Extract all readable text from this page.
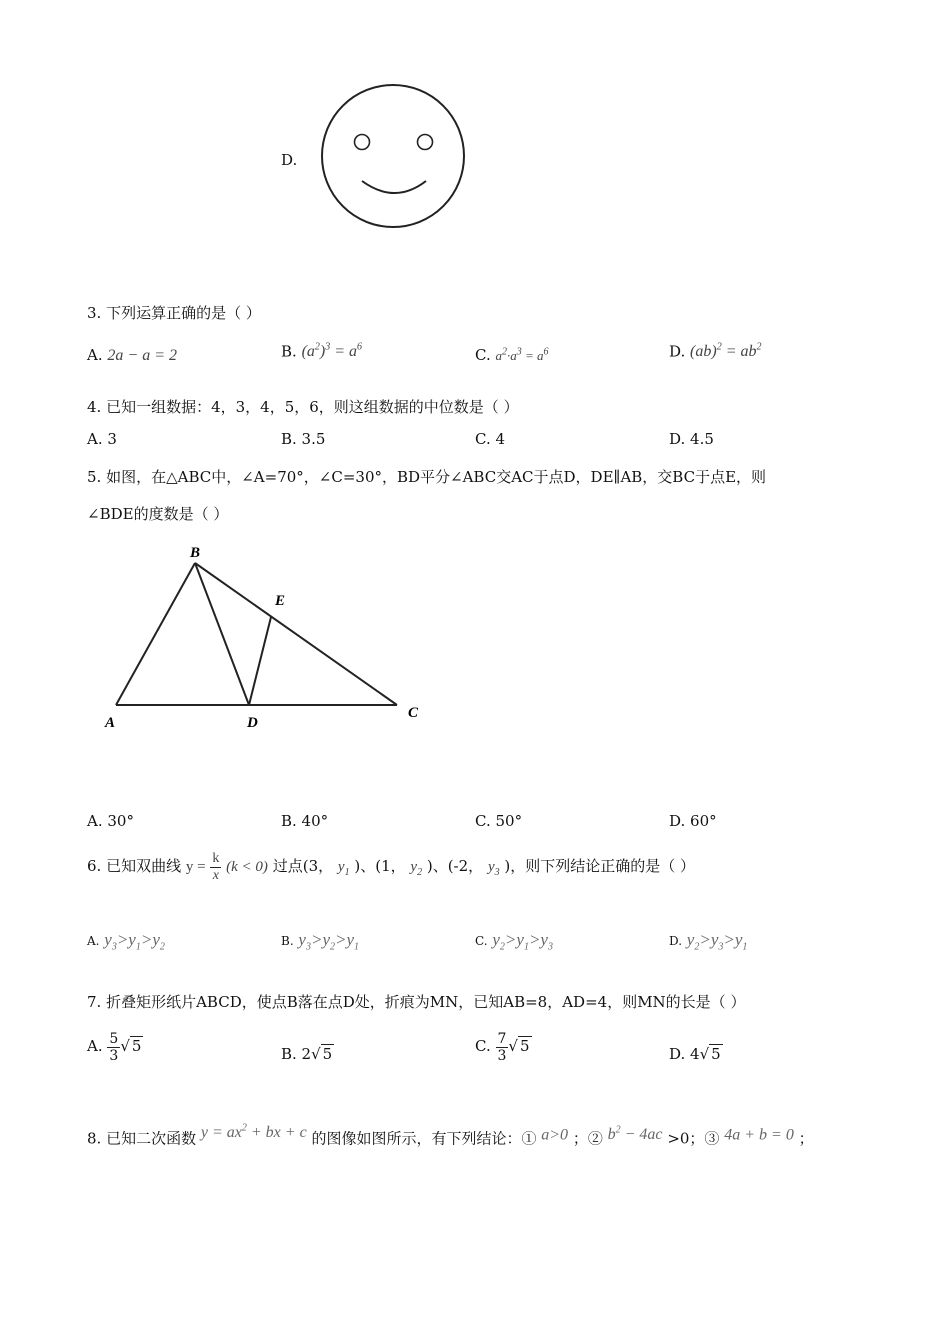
D.
3. 下列运算正确的是（ ）
A. 2a − a = 2	B. $(a^2)^3 = a^6$	C. $a^2\cdot a^3 = a^6$	D. $(ab)^2 = ab^2$
4. 已知一组数据：4，3，4，5，6，则这组数据的中位数是（ ）
A. 3	B. 3.5	C. 4	D. 4.5
5. 如图，在△ABC中，∠A=70°，∠C=30°，BD平分∠ABC交AC于点D，DE∥AB，交BC于点E，则
∠BDE的度数是（ ）
B
E
A	D
C
A. 30°	B. 40°	C. 50°	D. 60°
6. 已知双曲线 $y = \frac{k}{x} (k < 0)$ 过点(3， $y_1$ )、(1， $y_2$ )、(-2， $y_3$ )，则下列结论正确的是（ ）
A. $y_3>y_1>y_2$	B. $y_3>y_2>y_1$	C. $y_2>y_1>y_3$	D. $y_2>y_3>y_1$
7. 折叠矩形纸片ABCD，使点B落在点D处，折痕为MN，已知AB=8，AD=4，则MN的长是（ ）
A. $\frac{5}{3}$ √ 5	B. 2√ 5	C. $\frac{7}{3}$ √ 5	D. 4√ 5
8. 已知二次函数 $y = ax^2$ + bx + c 的图像如图所示，有下列结论：① a>0 ；② $b^2 - 4ac >0$；③ 4a + b = 0 ；
